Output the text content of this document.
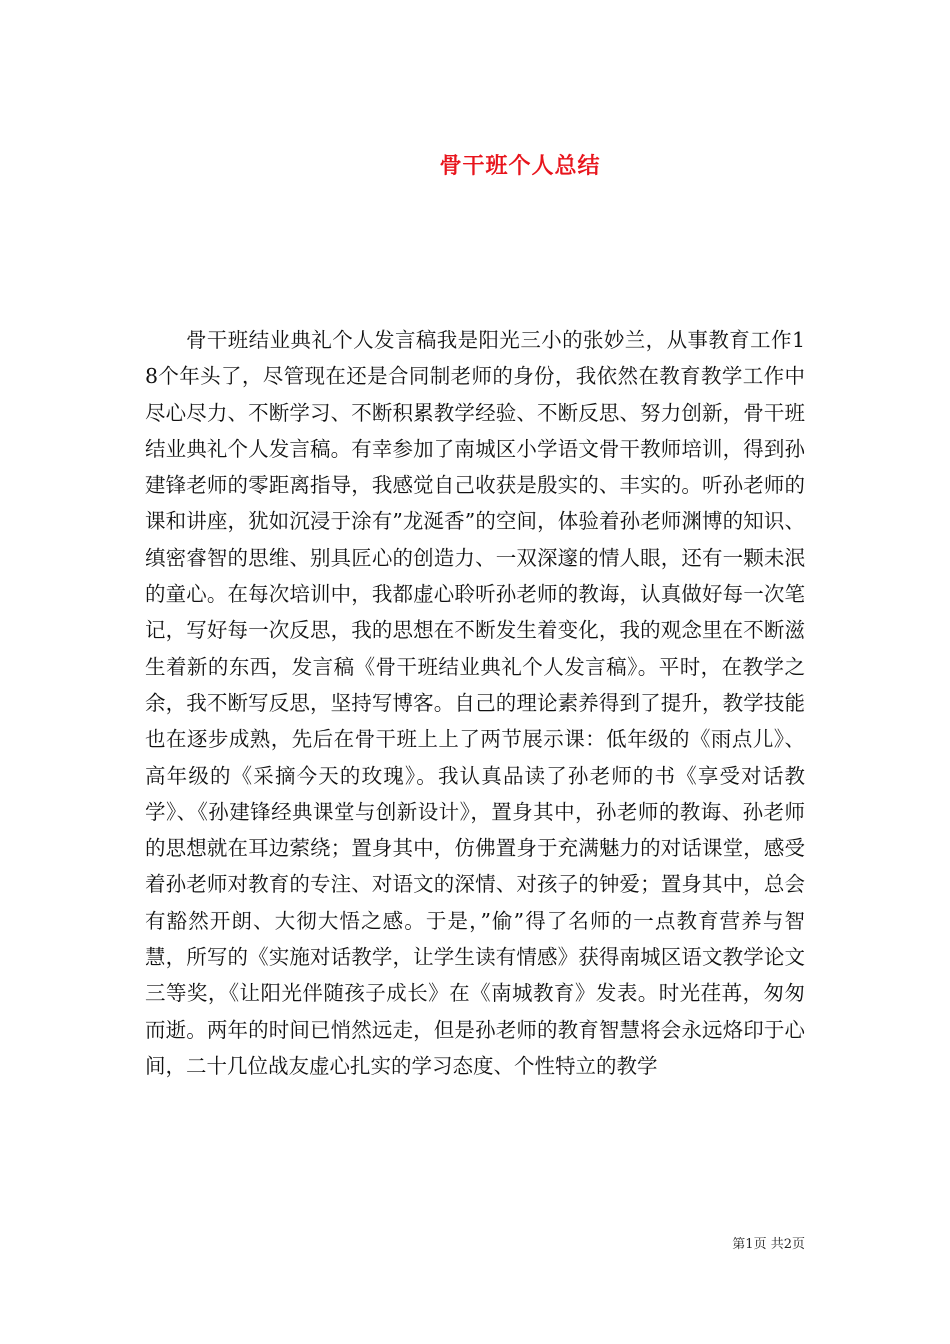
骨干班个人总结

骨干班结业典礼个人发言稿我是阳光三小的张妙兰，从事教育工作18个年头了，尽管现在还是合同制老师的身份，我依然在教育教学工作中尽心尽力、不断学习、不断积累教学经验、不断反思、努力创新，骨干班结业典礼个人发言稿。有幸参加了南城区小学语文骨干教师培训，得到孙建锋老师的零距离指导，我感觉自己收获是殷实的、丰实的。听孙老师的课和讲座，犹如沉浸于涂有”龙涎香”的空间，体验着孙老师渊博的知识、缜密睿智的思维、别具匠心的创造力、一双深邃的情人眼，还有一颗未泯的童心。在每次培训中，我都虚心聆听孙老师的教诲，认真做好每一次笔记，写好每一次反思，我的思想在不断发生着变化，我的观念里在不断滋生着新的东西，发言稿《骨干班结业典礼个人发言稿》。平时，在教学之余，我不断写反思，坚持写博客。自己的理论素养得到了提升，教学技能也在逐步成熟，先后在骨干班上上了两节展示课：低年级的《雨点儿》、高年级的《采摘今天的玫瑰》。我认真品读了孙老师的书《享受对话教学》、《孙建锋经典课堂与创新设计》，置身其中，孙老师的教诲、孙老师的思想就在耳边萦绕；置身其中，仿佛置身于充满魅力的对话课堂，感受着孙老师对教育的专注、对语文的深情、对孩子的钟爱；置身其中，总会有豁然开朗、大彻大悟之感。于是，”偷”得了名师的一点教育营养与智慧，所写的《实施对话教学，让学生读有情感》获得南城区语文教学论文三等奖，《让阳光伴随孩子成长》在《南城教育》发表。时光荏苒，匆匆而逝。两年的时间已悄然远走，但是孙老师的教育智慧将会永远烙印于心间，二十几位战友虚心扎实的学习态度、个性特立的教学

第1页 共2页
